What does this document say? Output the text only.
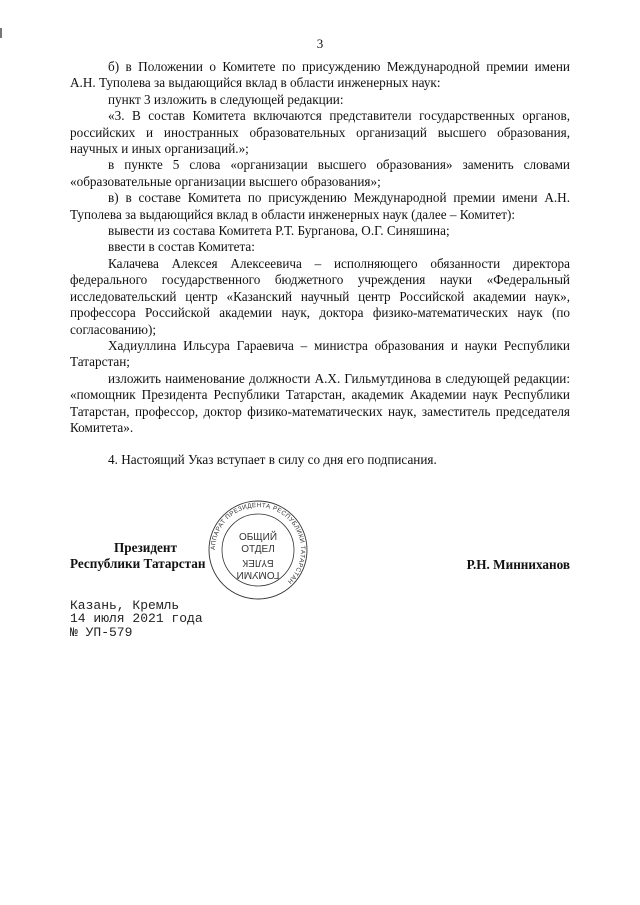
3

б) в Положении о Комитете по присуждению Международной премии имени А.Н. Туполева за выдающийся вклад в области инженерных наук:

пункт 3 изложить в следующей редакции:

«3. В состав Комитета включаются представители государственных органов, российских и иностранных образовательных организаций высшего образования, научных и иных организаций.»;

в пункте 5 слова «организации высшего образования» заменить словами «образовательные организации высшего образования»;

в) в составе Комитета по присуждению Международной премии имени А.Н. Туполева за выдающийся вклад в области инженерных наук (далее – Комитет):

вывести из состава Комитета Р.Т. Бурганова, О.Г. Синяшина;

ввести в состав Комитета:

Калачева Алексея Алексеевича – исполняющего обязанности директора федерального государственного бюджетного учреждения науки «Федеральный исследовательский центр «Казанский научный центр Российской академии наук», профессора Российской академии наук, доктора физико-математических наук (по согласованию);

Хадиуллина Ильсура Гараевича – министра образования и науки Республики Татарстан;

изложить наименование должности А.Х. Гильмутдинова в следующей редакции: «помощник Президента Республики Татарстан, академик Академии наук Республики Татарстан, профессор, доктор физико-математических наук, заместитель председателя Комитета».

4. Настоящий Указ вступает в силу со дня его подписания.

АППАРАТ ПРЕЗИДЕНТА РЕСПУБЛИКИ ТАТАРСТАН
ОБЩИЙ
ОТДЕЛ
ГОМУМИ
БҮЛЕК
Президент
Республики Татарстан	Р.Н. Минниханов
Казань, Кремль
14 июля 2021 года
№ УП-579
